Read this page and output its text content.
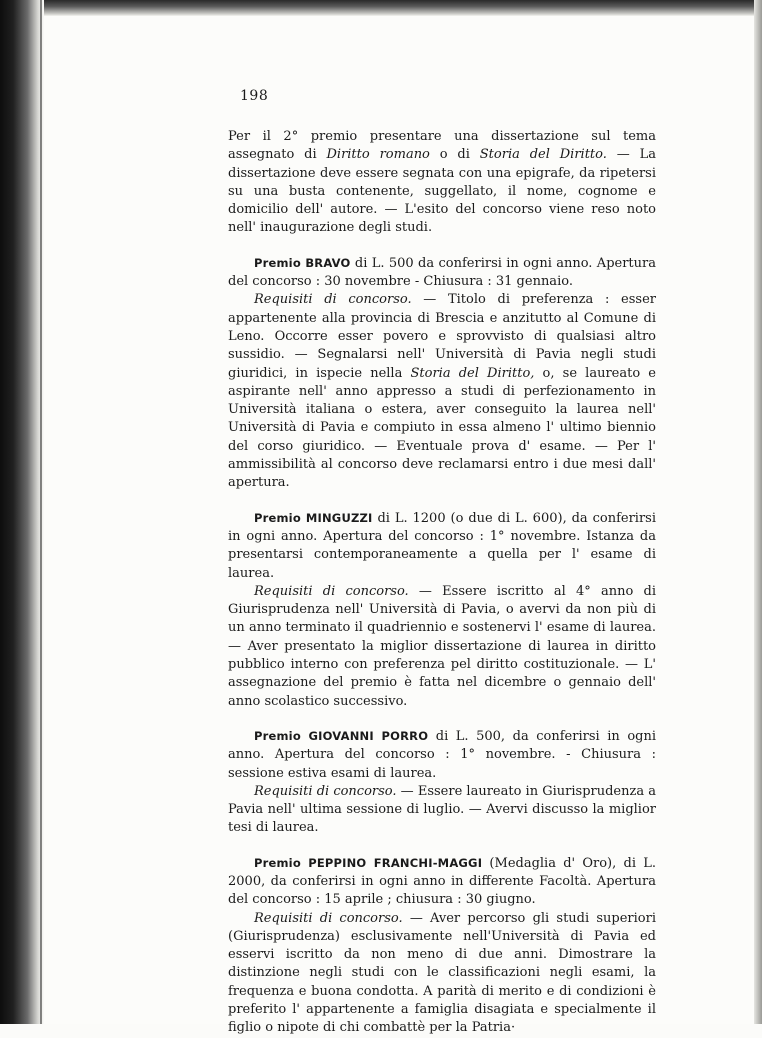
198

Per il 2° premio presentare una dissertazione sul tema assegnato di Diritto romano o di Storia del Diritto. — La dissertazione deve essere segnata con una epigrafe, da ripetersi su una busta contenente, suggellato, il nome, cognome e domicilio dell' autore. — L'esito del concorso viene reso noto nell' inaugurazione degli studi.

Premio BRAVO di L. 500 da conferirsi in ogni anno. Apertura del concorso : 30 novembre - Chiusura : 31 gennaio.

Requisiti di concorso. — Titolo di preferenza : esser appartenente alla provincia di Brescia e anzitutto al Comune di Leno. Occorre esser povero e sprovvisto di qualsiasi altro sussidio. — Segnalarsi nell' Università di Pavia negli studi giuridici, in ispecie nella Storia del Diritto, o, se laureato e aspirante nell' anno appresso a studi di perfezionamento in Università italiana o estera, aver conseguito la laurea nell' Università di Pavia e compiuto in essa almeno l' ultimo biennio del corso giuridico. — Eventuale prova d' esame. — Per l' ammissibilità al concorso deve reclamarsi entro i due mesi dall' apertura.

Premio MINGUZZI di L. 1200 (o due di L. 600), da conferirsi in ogni anno. Apertura del concorso : 1° novembre. Istanza da presentarsi contemporaneamente a quella per l' esame di laurea.

Requisiti di concorso. — Essere iscritto al 4° anno di Giurisprudenza nell' Università di Pavia, o avervi da non più di un anno terminato il quadriennio e sostenervi l' esame di laurea. — Aver presentato la miglior dissertazione di laurea in diritto pubblico interno con preferenza pel diritto costituzionale. — L' assegnazione del premio è fatta nel dicembre o gennaio dell' anno scolastico successivo.

Premio GIOVANNI PORRO di L. 500, da conferirsi in ogni anno. Apertura del concorso : 1° novembre. - Chiusura : sessione estiva esami di laurea.

Requisiti di concorso. — Essere laureato in Giurisprudenza a Pavia nell' ultima sessione di luglio. — Avervi discusso la miglior tesi di laurea.

Premio PEPPINO FRANCHI-MAGGI (Medaglia d' Oro), di L. 2000, da conferirsi in ogni anno in differente Facoltà. Apertura del concorso : 15 aprile ; chiusura : 30 giugno.

Requisiti di concorso. — Aver percorso gli studi superiori (Giurisprudenza) esclusivamente nell'Università di Pavia ed esservi iscritto da non meno di due anni. Dimostrare la distinzione negli studi con le classificazioni negli esami, la frequenza e buona condotta. A parità di merito e di condizioni è preferito l' appartenente a famiglia disagiata e specialmente il figlio o nipote di chi combattè per la Patria·
